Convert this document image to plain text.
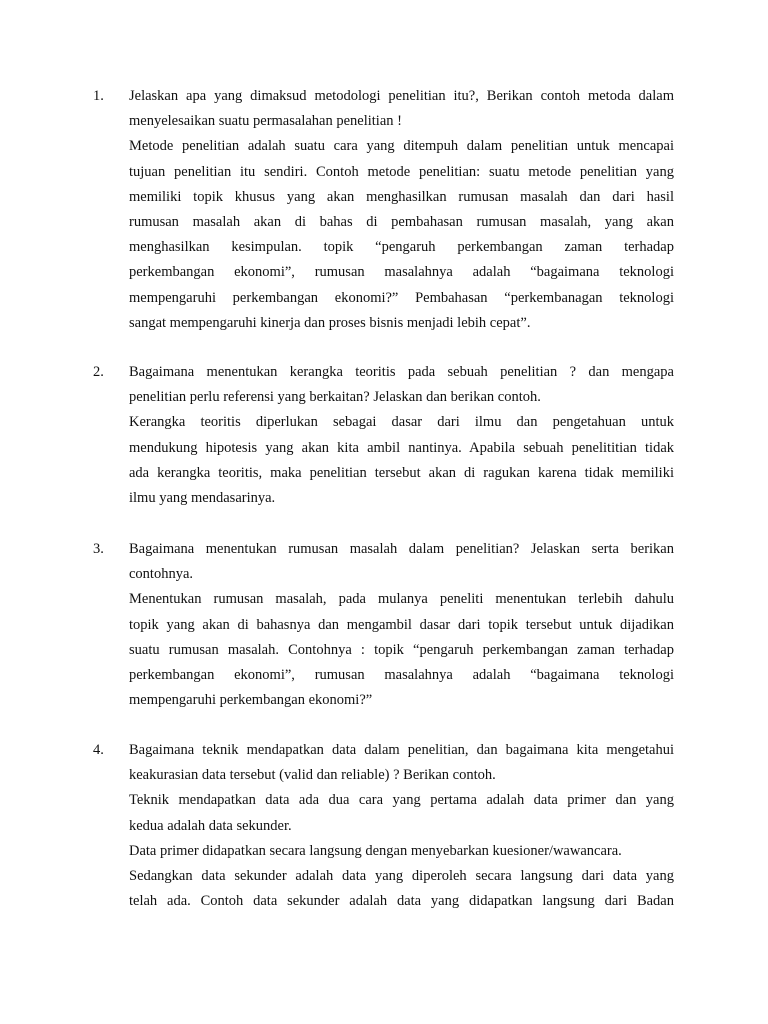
1. Jelaskan apa yang dimaksud metodologi penelitian itu?, Berikan contoh metoda dalam
menyelesaikan suatu permasalahan penelitian !
Metode penelitian adalah suatu cara yang ditempuh dalam penelitian untuk mencapai
tujuan penelitian itu sendiri. Contoh metode penelitian: suatu metode penelitian yang
memiliki topik khusus yang akan menghasilkan rumusan masalah dan dari hasil
rumusan masalah akan di bahas di pembahasan rumusan masalah, yang akan
menghasilkan kesimpulan. topik “pengaruh perkembangan zaman terhadap
perkembangan ekonomi”, rumusan masalahnya adalah “bagaimana teknologi
mempengaruhi perkembangan ekonomi?” Pembahasan “perkembanagan teknologi
sangat mempengaruhi kinerja dan proses bisnis menjadi lebih cepat”.
2. Bagaimana menentukan kerangka teoritis pada sebuah penelitian ? dan mengapa
penelitian perlu referensi yang berkaitan? Jelaskan dan berikan contoh.
Kerangka teoritis diperlukan sebagai dasar dari ilmu dan pengetahuan untuk
mendukung hipotesis yang akan kita ambil nantinya. Apabila sebuah penelititian tidak
ada kerangka teoritis, maka penelitian tersebut akan di ragukan karena tidak memiliki
ilmu yang mendasarinya.
3. Bagaimana menentukan rumusan masalah dalam penelitian? Jelaskan serta berikan
contohnya.
Menentukan rumusan masalah, pada mulanya peneliti menentukan terlebih dahulu
topik yang akan di bahasnya dan mengambil dasar dari topik tersebut untuk dijadikan
suatu rumusan masalah. Contohnya : topik “pengaruh perkembangan zaman terhadap
perkembangan ekonomi”, rumusan masalahnya adalah “bagaimana teknologi
mempengaruhi perkembangan ekonomi?”
4. Bagaimana teknik mendapatkan data dalam penelitian, dan bagaimana kita mengetahui
keakurasian data tersebut (valid dan reliable) ? Berikan contoh.
Teknik mendapatkan data ada dua cara yang pertama adalah data primer dan yang
kedua adalah data sekunder.
Data primer didapatkan secara langsung dengan menyebarkan kuesioner/wawancara.
Sedangkan data sekunder adalah data yang diperoleh secara langsung dari data yang
telah ada. Contoh data sekunder adalah data yang didapatkan langsung dari Badan
